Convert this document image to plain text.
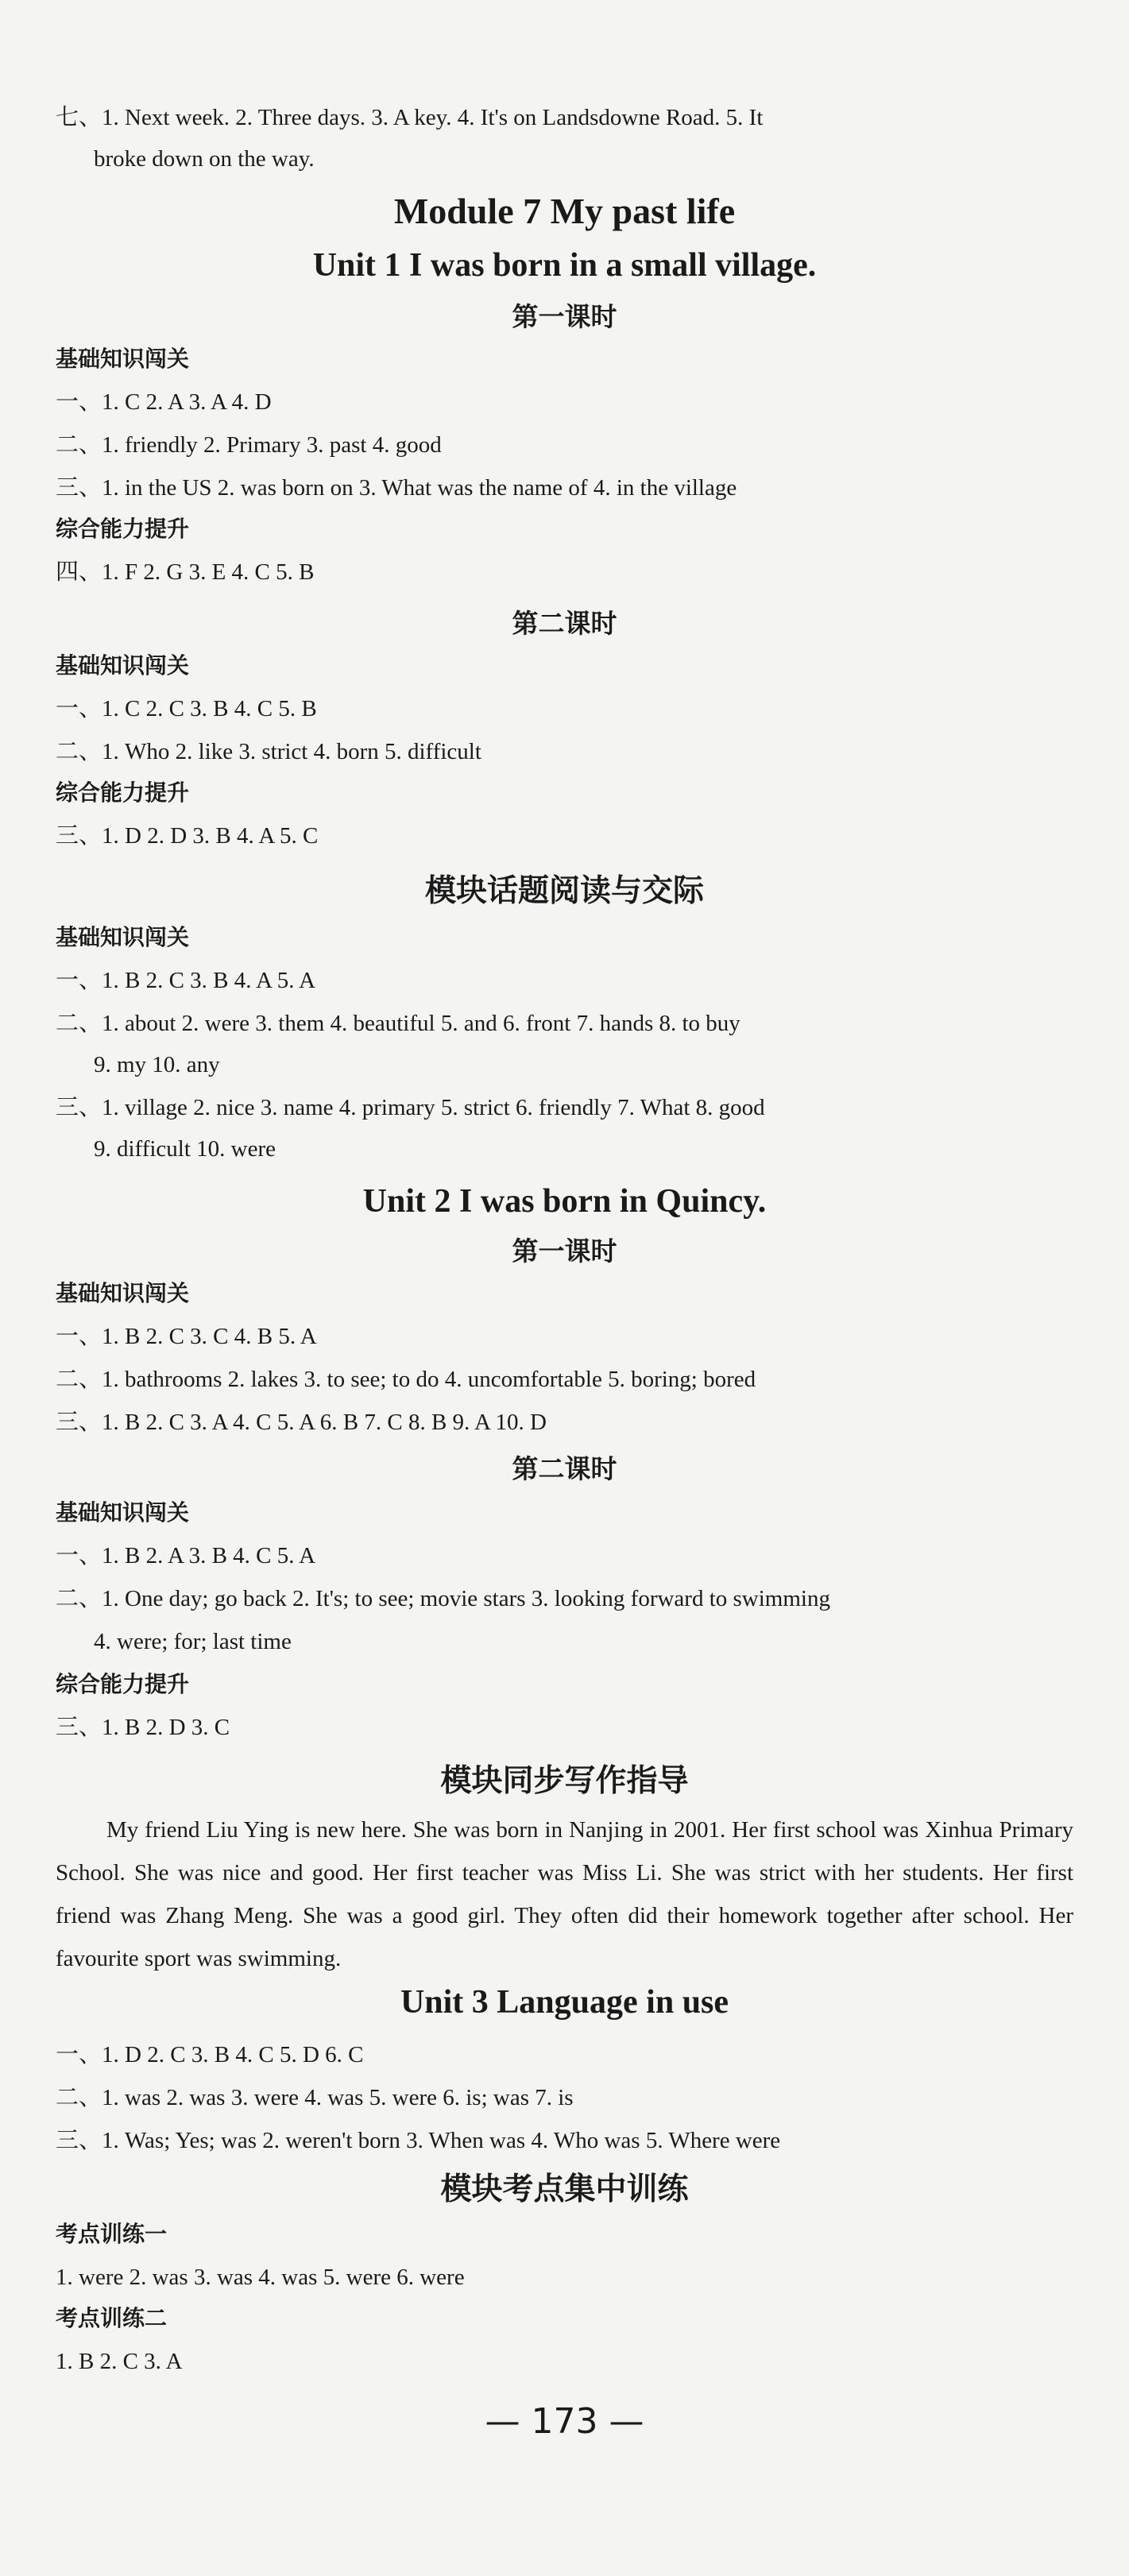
七、1. Next week. 2. Three days. 3. A key. 4. It's on Landsdowne Road. 5. It
broke down on the way.
Module 7 My past life
Unit 1 I was born in a small village.
第一课时
基础知识闯关
一、1. C 2. A 3. A 4. D
二、1. friendly 2. Primary 3. past 4. good
三、1. in the US 2. was born on 3. What was the name of 4. in the village
综合能力提升
四、1. F 2. G 3. E 4. C 5. B
第二课时
基础知识闯关
一、1. C 2. C 3. B 4. C 5. B
二、1. Who 2. like 3. strict 4. born 5. difficult
综合能力提升
三、1. D 2. D 3. B 4. A 5. C
模块话题阅读与交际
基础知识闯关
一、1. B 2. C 3. B 4. A 5. A
二、1. about 2. were 3. them 4. beautiful 5. and 6. front 7. hands 8. to buy
9. my 10. any
三、1. village 2. nice 3. name 4. primary 5. strict 6. friendly 7. What 8. good
9. difficult 10. were
Unit 2 I was born in Quincy.
第一课时
基础知识闯关
一、1. B 2. C 3. C 4. B 5. A
二、1. bathrooms 2. lakes 3. to see; to do 4. uncomfortable 5. boring; bored
三、1. B 2. C 3. A 4. C 5. A 6. B 7. C 8. B 9. A 10. D
第二课时
基础知识闯关
一、1. B 2. A 3. B 4. C 5. A
二、1. One day; go back 2. It's; to see; movie stars 3. looking forward to swimming
4. were; for; last time
综合能力提升
三、1. B 2. D 3. C
模块同步写作指导
My friend Liu Ying is new here. She was born in Nanjing in 2001. Her first school was Xinhua Primary School. She was nice and good. Her first teacher was Miss Li. She was strict with her students. Her first friend was Zhang Meng. She was a good girl. They often did their homework together after school. Her favourite sport was swimming.
Unit 3 Language in use
一、1. D 2. C 3. B 4. C 5. D 6. C
二、1. was 2. was 3. were 4. was 5. were 6. is; was 7. is
三、1. Was; Yes; was 2. weren't born 3. When was 4. Who was 5. Where were
模块考点集中训练
考点训练一
1. were 2. was 3. was 4. was 5. were 6. were
考点训练二
1. B 2. C 3. A
— 173 —
